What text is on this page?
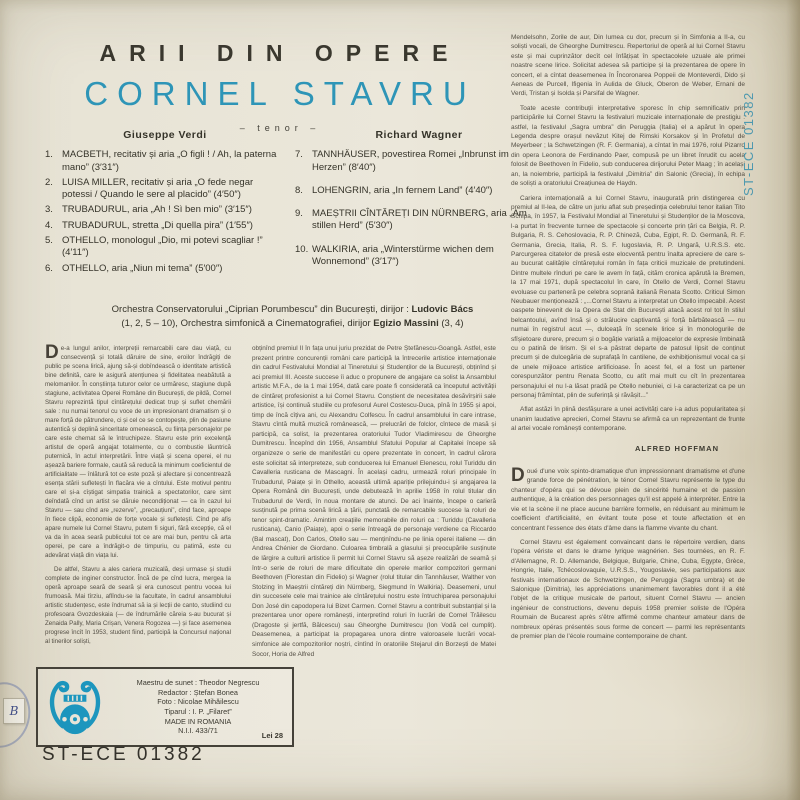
ARII DIN OPERE
CORNEL STAVRU
– tenor –
Giuseppe Verdi
1. MACBETH, recitativ și aria „O figli ! / Ah, la paterna mano” (3′31″)
2. LUISA MILLER, recitativ și aria „O fede negar potessi / Quando le sere al placido” (4′50″)
3. TRUBADURUL, aria „Ah ! Sì ben mio” (3′15″)
4. TRUBADURUL, stretta „Di quella pira” (1′55″)
5. OTHELLO, monologul „Dio, mi potevi scagliar !” (4′11″)
6. OTHELLO, aria „Niun mi tema” (5′00″)
Richard Wagner
7. TANNHÄUSER, povestirea Romei „Inbrunst im Herzen” (8′40″)
8. LOHENGRIN, aria „In fernem Land” (4′40″)
9. MAEȘTRII CÎNTĂREȚI DIN NÜRNBERG, aria „Am stillen Herd” (5′30″)
10. WALKIRIA, aria „Winterstürme wichen dem Wonnemond” (3′17″)
Orchestra Conservatorului „Ciprian Porumbescu” din București, dirijor : Ludovic Bács
(1, 2, 5 – 10), Orchestra simfonică a Cinematografiei, dirijor Egizio Massini (3, 4)

De-a lungul anilor, interpreții remarcabili care dau viață, cu consecvență și totală dăruire de sine, eroilor îndrăgiți de public pe scena lirică, ajung să-și dobîndească o identitate artistică bine definită, care le asigură atențiunea și fidelitatea neabătută a melomanilor. În conștiința tuturor celor ce urmăresc, stagiune după stagiune, activitatea Operei Române din București, de pildă, Cornel Stavru reprezintă tipul cîntărețului dedicat trup și suflet chemării sale : nu numai tenorul cu voce de un impresionant dramatism și o mare forță de pătrundere, ci și cel ce se contopește, plin de pasiune autentică și deplină sinceritate omenească, cu ființa personajelor pe care este chemat să le întruchipeze. Stavru este prin excelență artistul de operă angajat totalmente, cu o combustie lăuntrică puternică, în actul interpretării. Între viață și scena operei, el nu așează bariere formale, caută să reducă la minimum coeficientul de artificialitate — înlătură tot ce este poză și afectare și concentrează esența stării sufletești în flacăra vie a cîntului. Este motivul pentru care el și-a cîștigat simpatia trainică a spectatorilor, care simt deîndată cînd un artist se dăruie necondiționat — ca în cazul lui Stavru — sau cînd are „rezerve”, „precauțiuni”, cînd face, aproape în fiece clipă, economie de forțe vocale și sufletești. Cînd pe afiș apare numele lui Cornel Stavru, putem fi siguri, fără excepție, că el va da în acea seară publicului tot ce are mai bun, pentru că arta operei, pe care a îndrăgit-o de timpuriu, cu patimă, este cu adevărat viață din viața lui.

De altfel, Stavru a ales cariera muzicală, deși urmase și studii complete de inginer constructor. Încă de pe cînd lucra, mergea la operă aproape seară de seară și era cunoscut pentru vocea lui frumoasă. Mai tîrziu, aflîndu-se la facultate, în cadrul ansamblului artistic studențesc, este îndrumat să ia și lecții de canto, studiind cu profesoara Gvozdeskaia (— de îndrumările căreia s-au bucurat și Zenaida Pally, Maria Crișan, Venera Rogozea —) și face asemenea progrese încît în 1953, student fiind, participă la Concursul național al tinerilor soliști,

obținînd premiul II în fața unui juriu prezidat de Petre Ștefănescu-Goangă. Astfel, este prezent printre concurenții români care participă la întrecerile artistice internaționale din cadrul Festivalului Mondial al Tineretului și Studenților de la București, obținînd și aci premiul III. Aceste succese îi aduc o propunere de angajare ca solist la Ansamblul artistic M.F.A., de la 1 mai 1954, dată care poate fi considerată ca începutul activității de cîntăreț profesionist a lui Cornel Stavru. Conștient de necesitatea desăvîrșirii sale artistice, își continuă studiile cu profesorul Aurel Costescu-Duca, pînă în 1955 și apoi, timp de încă cîțiva ani, cu Alexandru Colfescu. În cadrul ansamblului în care intrase, Stavru cîntă multă muzică românească, — prelucrări de folclor, cîntece de masă și participă, ca solist, la prezentarea oratoriului Tudor Vladimirescu de Gheorghe Dumitrescu. Începînd din 1956, Ansamblul Sfatului Popular al Capitalei începe să organizeze o serie de manifestări cu opere prezentate în concert, în cadrul cărora este solicitat să interpreteze, sub conducerea lui Emanuel Elenescu, rolul Turiddu din Cavalleria rusticana de Mascagni. În același cadru, urmează roluri principale în Trubadurul, Paiațe și în Othello, această ultimă apariție prilejuindu-i și angajarea la Opera Română din București, unde debutează în aprilie 1958 în rolul titular din Trubadurul de Verdi, în noua montare de atunci. De aci înainte, începe o carieră susținută pe prima scenă lirică a țării, punctată de remarcabile succese la roluri de tenor spint-dramatic. Amintim creațiile memorabile din roluri ca : Turiddu (Cavalleria rusticana), Canio (Paiațe), apoi o serie întreagă de personaje verdiene ca Riccardo (Bal mascat), Don Carlos, Otello sau — menținîndu-ne pe linia operei italiene — din Andrea Chénier de Giordano. Culoarea timbrală a glasului și preocupările susținute de lărgire a culturii artistice îi permit lui Cornel Stavru să așeze realizări de seamă și într-o serie de roluri de mare dificultate din operele marilor compozitori germani Beethoven (Florestan din Fidelio) și Wagner (rolul titular din Tannhäuser, Walther von Stolzing în Maeștrii cîntăreți din Nürnberg, Siegmund în Walkiria). Deasemeni, unul din succesele cele mai trainice ale cîntărețului nostru este întruchiparea personajului Don José din capodopera lui Bizet Carmen. Cornel Stavru a contribuit substanțial și la prezentarea unor opere românești, interpretînd roluri în lucrări de Cornel Trăilescu (Dragoste și jertfă, Bălcescu) sau Gheorghe Dumitrescu (Ion Vodă cel cumplit). Deasemenea, a participat la propagarea unora dintre valoroasele lucrări vocal-simfonice ale compozitorilor noștri, cîntînd în oratoriile Stejarul din Borzești de Matei Socor, Horia de Alfred

Mendelsohn, Zorile de aur, Din lumea cu dor, precum și în Simfonia a II-a, cu soliști vocali, de Gheorghe Dumitrescu. Repertoriul de operă al lui Cornel Stavru este și mai cuprinzător decît cel înfățișat în spectacolele uzuale ale primei noastre scene lirice. Solicitat adesea să participe și la prezentarea de opere în concert, el a cîntat deasemenea în Încoronarea Poppeii de Monteverdi, Dido și Aeneas de Purcell, Ifigenia în Aulida de Gluck, Oberon de Weber, Ernani de Verdi, Tristan și Isolda și Parsifal de Wagner.

Toate aceste contribuții interpretative sporesc în chip semnificativ prin participările lui Cornel Stavru la festivaluri muzicale internaționale de prestigiu : astfel, la festivalul „Sagra umbra” din Peruggia (Italia) el a apărut în opera Legenda despre orașul nevăzut Kitej de Rimski Korsakov și în Profetul de Meyerbeer ; la Schwetzingen (R. F. Germania), a cîntat în mai 1976, rolul Pizarro din opera Leonora de Ferdinando Paer, compusă pe un libret înrudit cu acela folosit de Beethoven în Fidelio, sub conducerea dirijorului Peter Maag ; în același an, la noiembrie, participă la festivalul „Dimitria” din Salonic (Grecia), în echipa de soliști a oratoriului Creațiunea de Haydn.

Cariera internațională a lui Cornel Stavru, inaugurată prin distingerea cu premiul al II-lea, de către un juriu aflat sub președinția celebrului tenor italian Tito Schipa, în 1957, la Festivalul Mondial al Tineretului și Studenților de la Moscova, l-a purtat în frecvente turnee de spectacole și concerte prin țări ca Belgia, R. P. Bulgaria, R. S. Cehoslovacia, R. P. Chineză, Cuba, Egipt, R. D. Germană, R. F. Germania, Grecia, Italia, R. S. F. Iugoslavia, R. P. Ungară, U.R.S.S. etc. Parcurgerea citatelor de presă este elocventă pentru înalta apreciere de care s-au bucurat calitățile cîntărețului român în fața criticii muzicale de pretutindeni. Dintre multele rînduri pe care le avem în față, cităm cronica apărută la Bremen, la 17 mai 1971, după spectacolul în care, în Otello de Verdi, Cornel Stavru evoluase cu parteneră pe celebra soprană italiană Renata Scotto. Criticul Simon Neubauer menționează : „...Cornel Stavru a interpretat un Otello impecabil. Acest oaspete binevenit de la Opera de Stat din București atacă acest rol tot în stilul belcantoului, avînd însă și o strălucire captivantă și forță bărbătească — nu numai în registrul acut —, dulceață în scenele lirice și în monologurile de sfîșietoare durere, precum și o bogăție variată a mijloacelor de expresie îmbinată cu o patină de lirism. Și el s-a păstrat departe de patosul lipsit de conținut precum și de dulcegăria de suprafață în cantilene, de exhibiționismul vocal ca și de unele mijloace artistice artificioase. În acest fel, el a fost un partener corespunzător pentru Renata Scotto, cu atît mai mult cu cît în prezentarea personajului el nu l-a lăsat pradă pe Otello nebuniei, ci l-a caracterizat ca pe un personaj frămîntat, plin de suferință și răvășit...”

Aflat astăzi în plină desfășurare a unei activități care i-a adus popularitatea și unanim laudative aprecieri, Cornel Stavru se afirmă ca un reprezentant de frunte al artei vocale românești contemporane.

ALFRED HOFFMAN

Doué d'une voix spinto-dramatique d'un impressionnant dramatisme et d'une grande force de pénétration, le ténor Cornel Stavru représente le type du chanteur d'opéra qui se dévoue plein de sincérité humaine et de passion authentique, à la création des personnages qu'il est appelé à interpréter. Entre la vie et la scène il ne place aucune barrière formelle, en réduisant au minimum le coefficient d'artificialité, en évitant toute pose et toute affectation et en concentrant l'essence des états d'âme dans la flamme vivante du chant.

Cornel Stavru est également convaincant dans le répertoire verdien, dans l'opéra vériste et dans le drame lyrique wagnérien. Ses tournées, en R. F. d'Allemagne, R. D. Allemande, Belgique, Bulgarie, Chine, Cuba, Egypte, Grèce, Hongrie, Italie, Tchécoslovaquie, U.R.S.S., Yougoslavie, ses participations aux festivals internationaux de Schwetzingen, de Peruggia (Sagra umbra) et de Salonique (Dimitria), les appréciations unanimement favorables dont il a été l'objet de la critique musicale de partout, situent Cornel Stavru — ancien ingénieur de constructions, devenu depuis 1958 premier soliste de l'Opéra Roumain de Bucarest après s'être affirmé comme chanteur amateur dans de nombreux opéras présentés sous forme de concert — parmi les représentants de premier plan de l'école roumaine contemporaine de chant.

ST-ECE 01382
Maestru de sunet : Theodor Negrescu
Redactor : Ștefan Bonea
Foto : Nicolae Mihăilescu
Tiparul : I. P. „Filaret”
MADE IN ROMANIA
N.I.I. 433/71
Lei 28
ST-ECE 01382
B
